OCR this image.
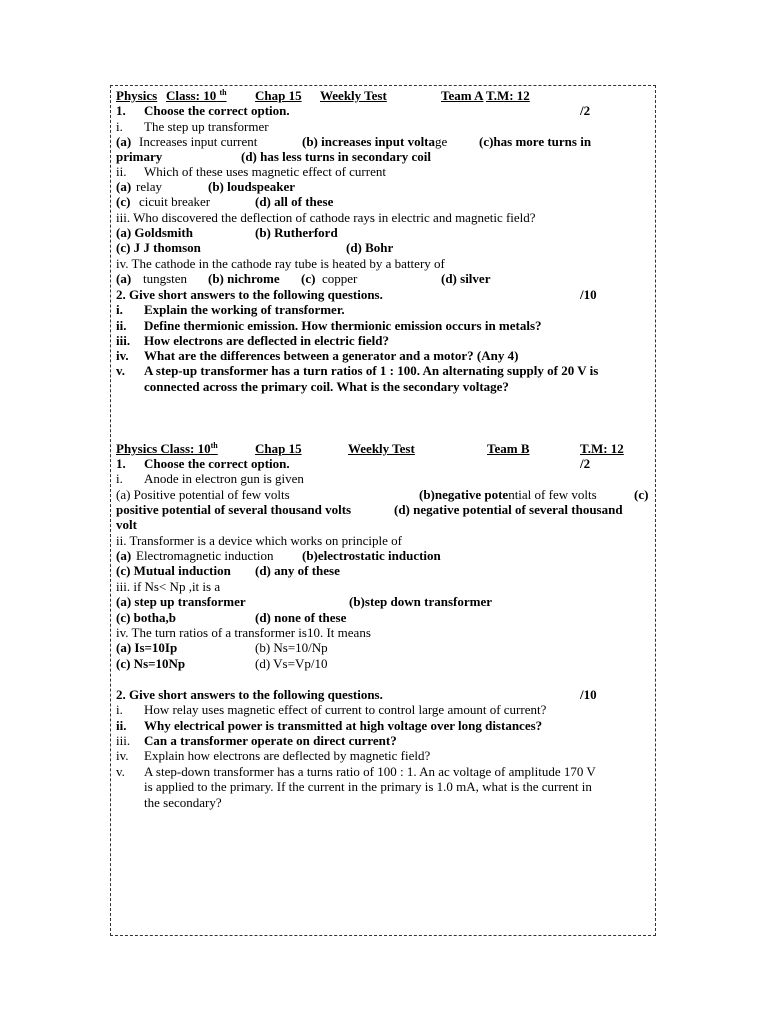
Physics Class: 10 $^{th}$ Chap 15 Weekly Test	Team A T.M: 12
1. Choose the correct option.	/2
i. The step up transformer
(a) Increases input current	(b) increases input voltage (c)has more turns in
primary	(d) has less turns in secondary coil
ii. Which of these uses magnetic effect of current
(a) relay	(b) loudspeaker
(c) cicuit breaker	(d) all of these
iii. Who discovered the deflection of cathode rays in electric and magnetic field?
(a) Goldsmith	(b) Rutherford
(c) J J thomson	(d) Bohr
iv. The cathode in the cathode ray tube is heated by a battery of
(a) tungsten (b) nichrome (c) copper	(d) silver
2. Give short answers to the following questions.	/10
i. Explain the working of transformer.
ii. Define thermionic emission. How thermionic emission occurs in metals?
iii. How electrons are deflected in electric field?
iv. What are the differences between a generator and a motor? (Any 4)
v. A step-up transformer has a turn ratios of 1 : 100. An alternating supply of 20 V is
connected across the primary coil. What is the secondary voltage?
Physics Class: 10th	Chap 15	Weekly Test	Team B	T.M: 12
1. Choose the correct option.	/2
i. Anode in electron gun is given
(a) Positive potential of few volts	(b)negative potential of few volts	(c)
positive potential of several thousand volts	(d) negative potential of several thousand
volt
ii. Transformer is a device which works on principle of
(a) Electromagnetic induction (b)electrostatic induction
(c) Mutual induction (d) any of these
iii. if Ns< Np ,it is a
(a) step up transformer	(b)step down transformer
(c) botha,b	(d) none of these
iv. The turn ratios of a transformer is10. It means
(a) Is=10Ip	(b) Ns=10/Np
(c) Ns=10Np	(d) Vs=Vp/10
2. Give short answers to the following questions.	/10
i. How relay uses magnetic effect of current to control large amount of current?
ii. Why electrical power is transmitted at high voltage over long distances?
iii. Can a transformer operate on direct current?
iv. Explain how electrons are deflected by magnetic field?
v. A step-down transformer has a turns ratio of 100 : 1. An ac voltage of amplitude 170 V
is applied to the primary. If the current in the primary is 1.0 mA, what is the current in
the secondary?
